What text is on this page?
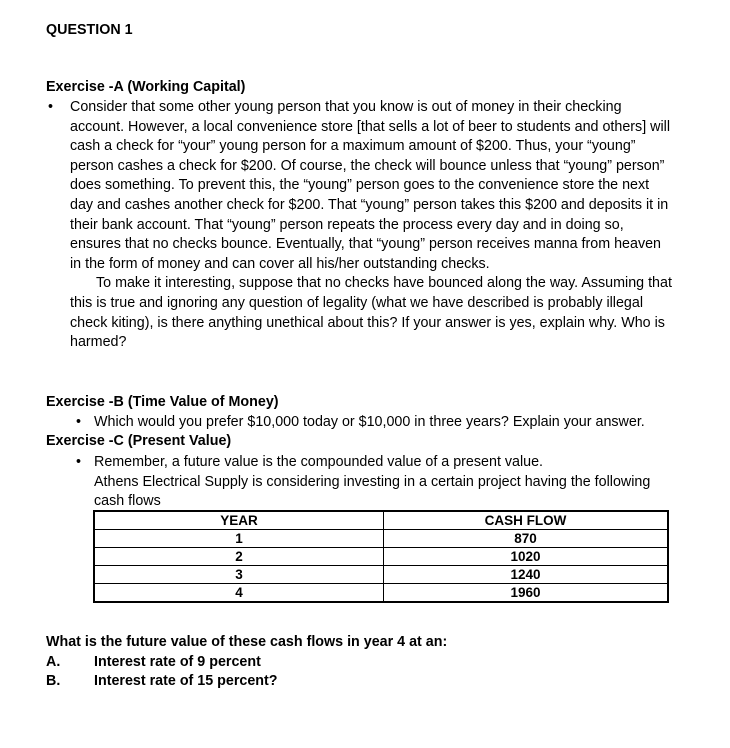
QUESTION 1
Exercise -A (Working Capital)
• Consider that some other young person that you know is out of money in their checking account. However, a local convenience store [that sells a lot of beer to students and others] will cash a check for “your” young person for a maximum amount of $200. Thus, your “young” person cashes a check for $200. Of course, the check will bounce unless that “young” person” does something. To prevent this, the “young” person goes to the convenience store the next day and cashes another check for $200. That “young” person takes this $200 and deposits it in their bank account. That “young” person repeats the process every day and in doing so, ensures that no checks bounce. Eventually, that “young” person receives manna from heaven in the form of money and can cover all his/her outstanding checks.

To make it interesting, suppose that no checks have bounced along the way. Assuming that this is true and ignoring any question of legality (what we have described is probably illegal check kiting), is there anything unethical about this? If your answer is yes, explain why. Who is harmed?

Exercise -B (Time Value of Money)
• Which would you prefer $10,000 today or $10,000 in three years? Explain your answer.
Exercise -C (Present Value)
• Remember, a future value is the compounded value of a present value.
Athens Electrical Supply is considering investing in a certain project having the following cash flows
YEAR	CASH FLOW
1	870
2	1020
3	1240
4	1960
What is the future value of these cash flows in year 4 at an:
A. Interest rate of 9 percent
B. Interest rate of 15 percent?
